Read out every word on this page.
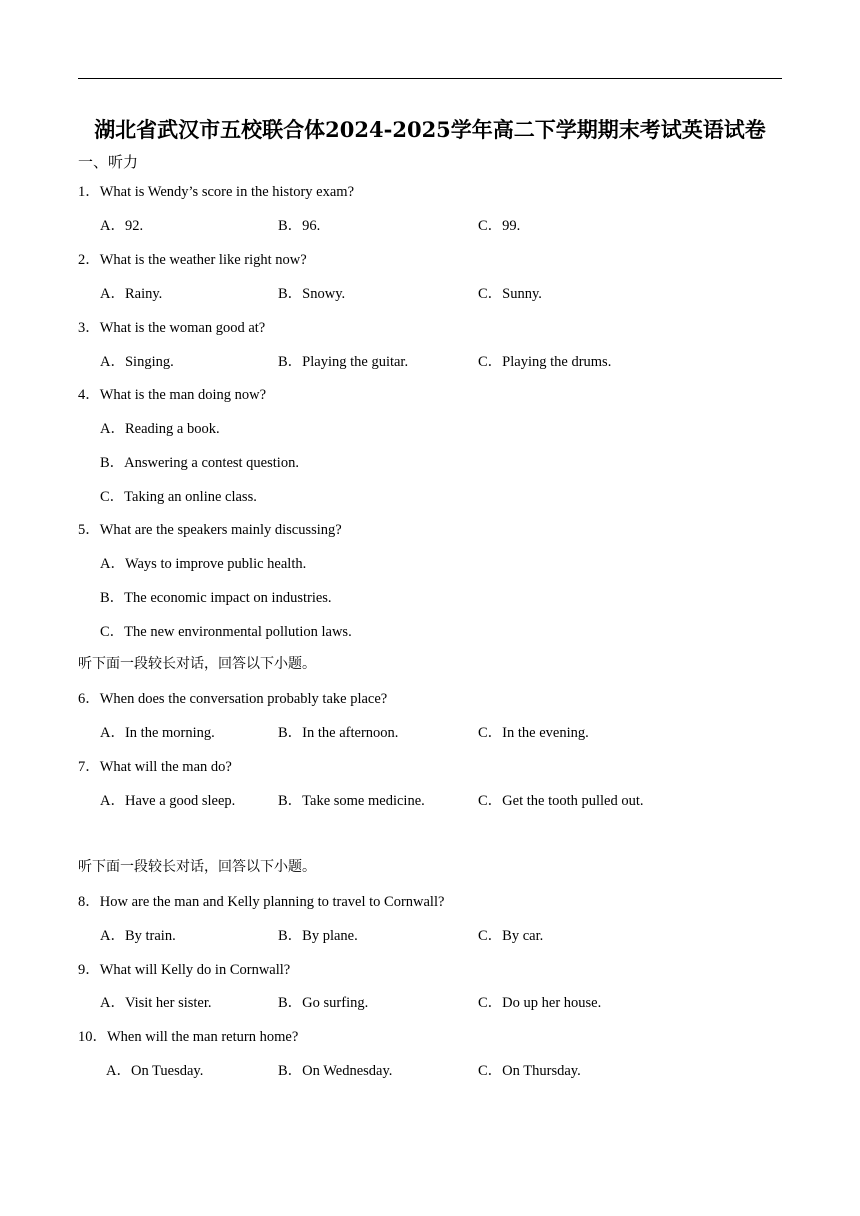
湖北省武汉市五校联合体2024-2025学年高二下学期期末考试英语试卷
一、听力
1．What is Wendy’s score in the history exam?
A．92.	B．96.	C．99.
2．What is the weather like right now?
A．Rainy.	B．Snowy.	C．Sunny.
3．What is the woman good at?
A．Singing.	B．Playing the guitar.	C．Playing the drums.
4．What is the man doing now?
A．Reading a book.
B．Answering a contest question.
C．Taking an online class.
5．What are the speakers mainly discussing?
A．Ways to improve public health.
B．The economic impact on industries.
C．The new environmental pollution laws.
听下面一段较长对话，回答以下小题。
6．When does the conversation probably take place?
A．In the morning.	B．In the afternoon.	C．In the evening.
7．What will the man do?
A．Have a good sleep.	B．Take some medicine.	C．Get the tooth pulled out.
听下面一段较长对话，回答以下小题。
8．How are the man and Kelly planning to travel to Cornwall?
A．By train.	B．By plane.	C．By car.
9．What will Kelly do in Cornwall?
A．Visit her sister.	B．Go surfing.	C．Do up her house.
10．When will the man return home?
A．On Tuesday.	B．On Wednesday.	C．On Thursday.
